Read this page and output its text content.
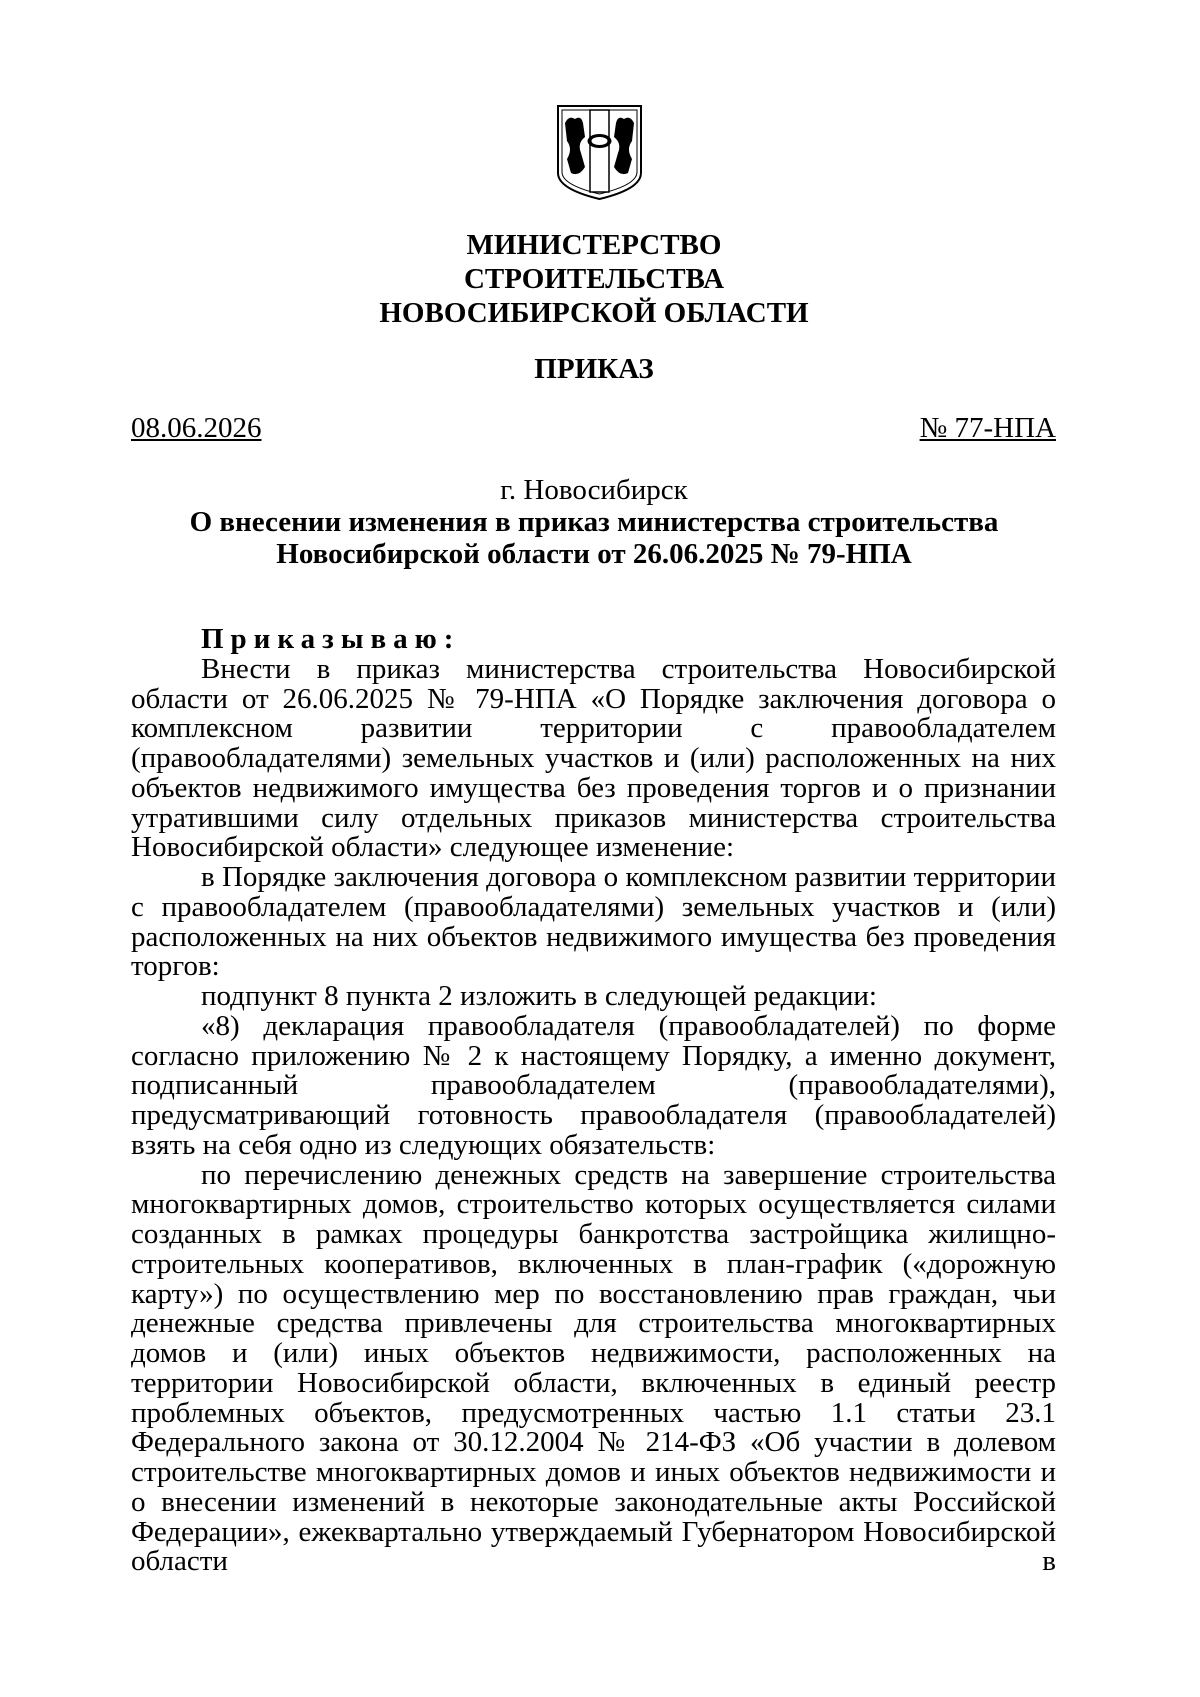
МИНИСТЕРСТВО
СТРОИТЕЛЬСТВА
НОВОСИБИРСКОЙ ОБЛАСТИ
ПРИКАЗ
08.06.2026	№ 77-НПА
г. Новосибирск
О внесении изменения в приказ министерства строительства
Новосибирской области от 26.06.2025 № 79-НПА

Приказываю:

Внести в приказ министерства строительства Новосибирской области от 26.06.2025 № 79-НПА «О Порядке заключения договора о комплексном развитии территории с правообладателем (правообладателями) земельных участков и (или) расположенных на них объектов недвижимого имущества без проведения торгов и о признании утратившими силу отдельных приказов министерства строительства Новосибирской области» следующее изменение:

в Порядке заключения договора о комплексном развитии территории с правообладателем (правообладателями) земельных участков и (или) расположенных на них объектов недвижимого имущества без проведения торгов:

подпункт 8 пункта 2 изложить в следующей редакции:

«8) декларация правообладателя (правообладателей) по форме согласно приложению № 2 к настоящему Порядку, а именно документ, подписанный правообладателем (правообладателями), предусматривающий готовность правообладателя (правообладателей) взять на себя одно из следующих обязательств:

по перечислению денежных средств на завершение строительства многоквартирных домов, строительство которых осуществляется силами созданных в рамках процедуры банкротства застройщика жилищно-строительных кооперативов, включенных в план-график («дорожную карту») по осуществлению мер по восстановлению прав граждан, чьи денежные средства привлечены для строительства многоквартирных домов и (или) иных объектов недвижимости, расположенных на территории Новосибирской области, включенных в единый реестр проблемных объектов, предусмотренных частью 1.1 статьи 23.1 Федерального закона от 30.12.2004 № 214-ФЗ «Об участии в долевом строительстве многоквартирных домов и иных объектов недвижимости и о внесении изменений в некоторые законодательные акты Российской Федерации», ежеквартально утверждаемый Губернатором Новосибирской области в
